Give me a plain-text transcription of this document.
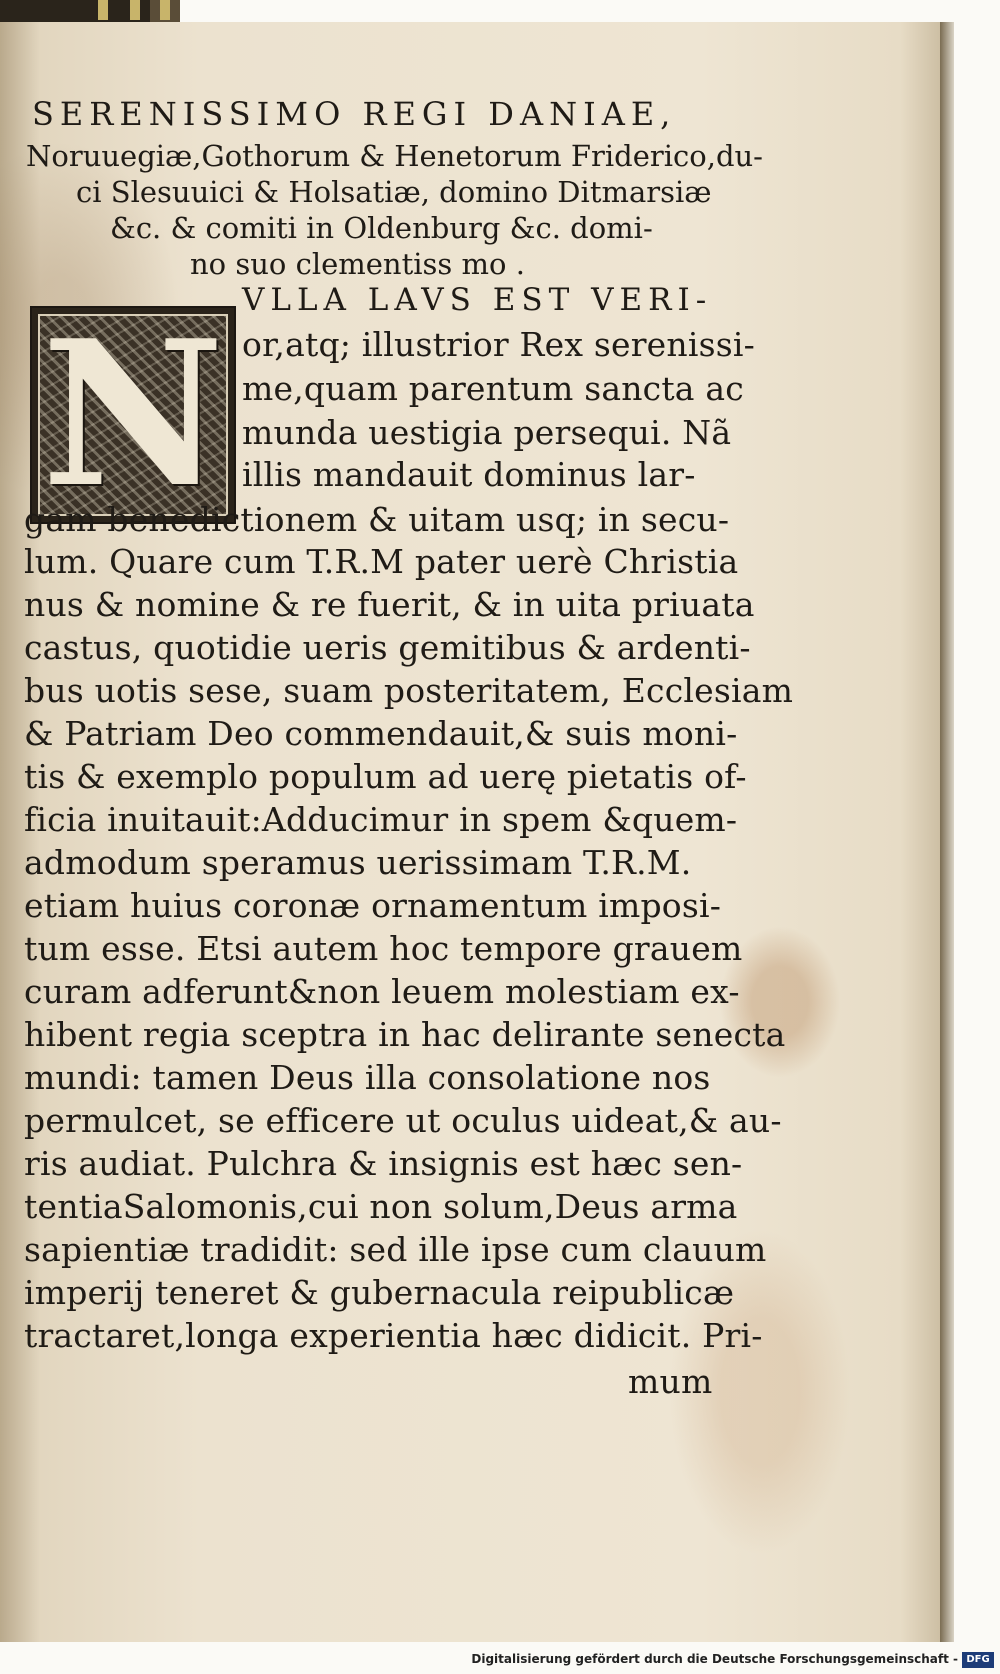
SERENISSIMO REGI DANIAE,
Noruuegiæ,Gothorum & Henetorum Friderico,du-
ci Slesuuici & Holsatiæ, domino Ditmarsiæ
&c. & comiti in Oldenburg &c. domi-
no suo clementiss mo .
N VLLA LAVS EST VERI-
or,atq; illustrior Rex serenissi-
me,quam parentum sancta ac
munda uestigia persequi. Nã
illis mandauit dominus lar-
gam benedictionem & uitam usq; in secu-
lum. Quare cum T.R.M pater uerè Christia
nus & nomine & re fuerit, & in uita priuata
castus, quotidie ueris gemitibus & ardenti-
bus uotis sese, suam posteritatem, Ecclesiam
& Patriam Deo commendauit,& suis moni-
tis & exemplo populum ad uerę pietatis of-
ficia inuitauit:Adducimur in spem &quem-
admodum speramus uerissimam T.R.M.
etiam huius coronæ ornamentum imposi-
tum esse. Etsi autem hoc tempore grauem
curam adferunt&non leuem molestiam ex-
hibent regia sceptra in hac delirante senecta
mundi: tamen Deus illa consolatione nos
permulcet, se efficere ut oculus uideat,& au-
ris audiat. Pulchra & insignis est hæc sen-
tentiaSalomonis,cui non solum,Deus arma
sapientiæ tradidit: sed ille ipse cum clauum
imperij teneret & gubernacula reipublicæ
tractaret,longa experientia hæc didicit. Pri-
mum
Digitalisierung gefördert durch die Deutsche Forschungsgemeinschaft - DFG
